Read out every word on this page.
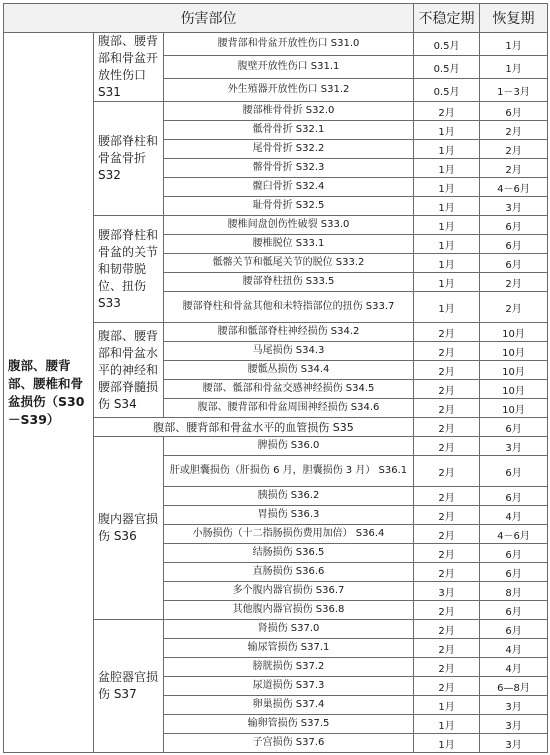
伤害部位			不稳定期	恢复期
腹部、腰背部、腰椎和骨盆损伤（S30－S39）	腹部、腰背部和骨盆开放性伤口 S31	腰背部和骨盆开放性伤口 S31.0	0.5月	1月
		腹壁开放性伤口 S31.1	0.5月	1月
		外生殖器开放性伤口 S31.2	0.5月	1－3月
	腰部脊柱和骨盆骨折 S32	腰部椎骨骨折 S32.0	2月	6月
		骶骨骨折 S32.1	1月	2月
		尾骨骨折 S32.2	1月	2月
		髂骨骨折 S32.3	1月	2月
		髋臼骨折 S32.4	1月	4－6月
		耻骨骨折 S32.5	1月	3月
	腰部脊柱和骨盆的关节和韧带脱位、扭伤 S33	腰椎间盘创伤性破裂 S33.0	1月	6月
		腰椎脱位 S33.1	1月	6月
		骶髂关节和骶尾关节的脱位 S33.2	1月	6月
		腰部脊柱扭伤 S33.5	1月	2月
		腰部脊柱和骨盆其他和未特指部位的扭伤 S33.7	1月	2月
	腹部、腰背部和骨盆水平的神经和腰部脊髓损伤 S34	腰部和骶部脊柱神经损伤 S34.2	2月	10月
		马尾损伤 S34.3	2月	10月
		腰骶丛损伤 S34.4	2月	10月
		腰部、骶部和骨盆交感神经损伤 S34.5	2月	10月
		腹部、腰背部和骨盆周围神经损伤 S34.6	2月	10月
	腹部、腰背部和骨盆水平的血管损伤 S35		2月	6月
	腹内器官损伤 S36	脾损伤 S36.0	2月	3月
		肝或胆囊损伤（肝损伤 6 月，胆囊损伤 3 月） S36.1	2月	6月
		胰损伤 S36.2	2月	6月
		胃损伤 S36.3	2月	4月
		小肠损伤（十二指肠损伤费用加倍） S36.4	2月	4－6月
		结肠损伤 S36.5	2月	6月
		直肠损伤 S36.6	2月	6月
		多个腹内器官损伤 S36.7	3月	8月
		其他腹内器官损伤 S36.8	2月	6月
	盆腔器官损伤 S37	肾损伤 S37.0	2月	6月
		输尿管损伤 S37.1	2月	4月
		膀胱损伤 S37.2	2月	4月
		尿道损伤 S37.3	2月	6—8月
		卵巢损伤 S37.4	1月	3月
		输卵管损伤 S37.5	1月	3月
		子宫损伤 S37.6	1月	3月
